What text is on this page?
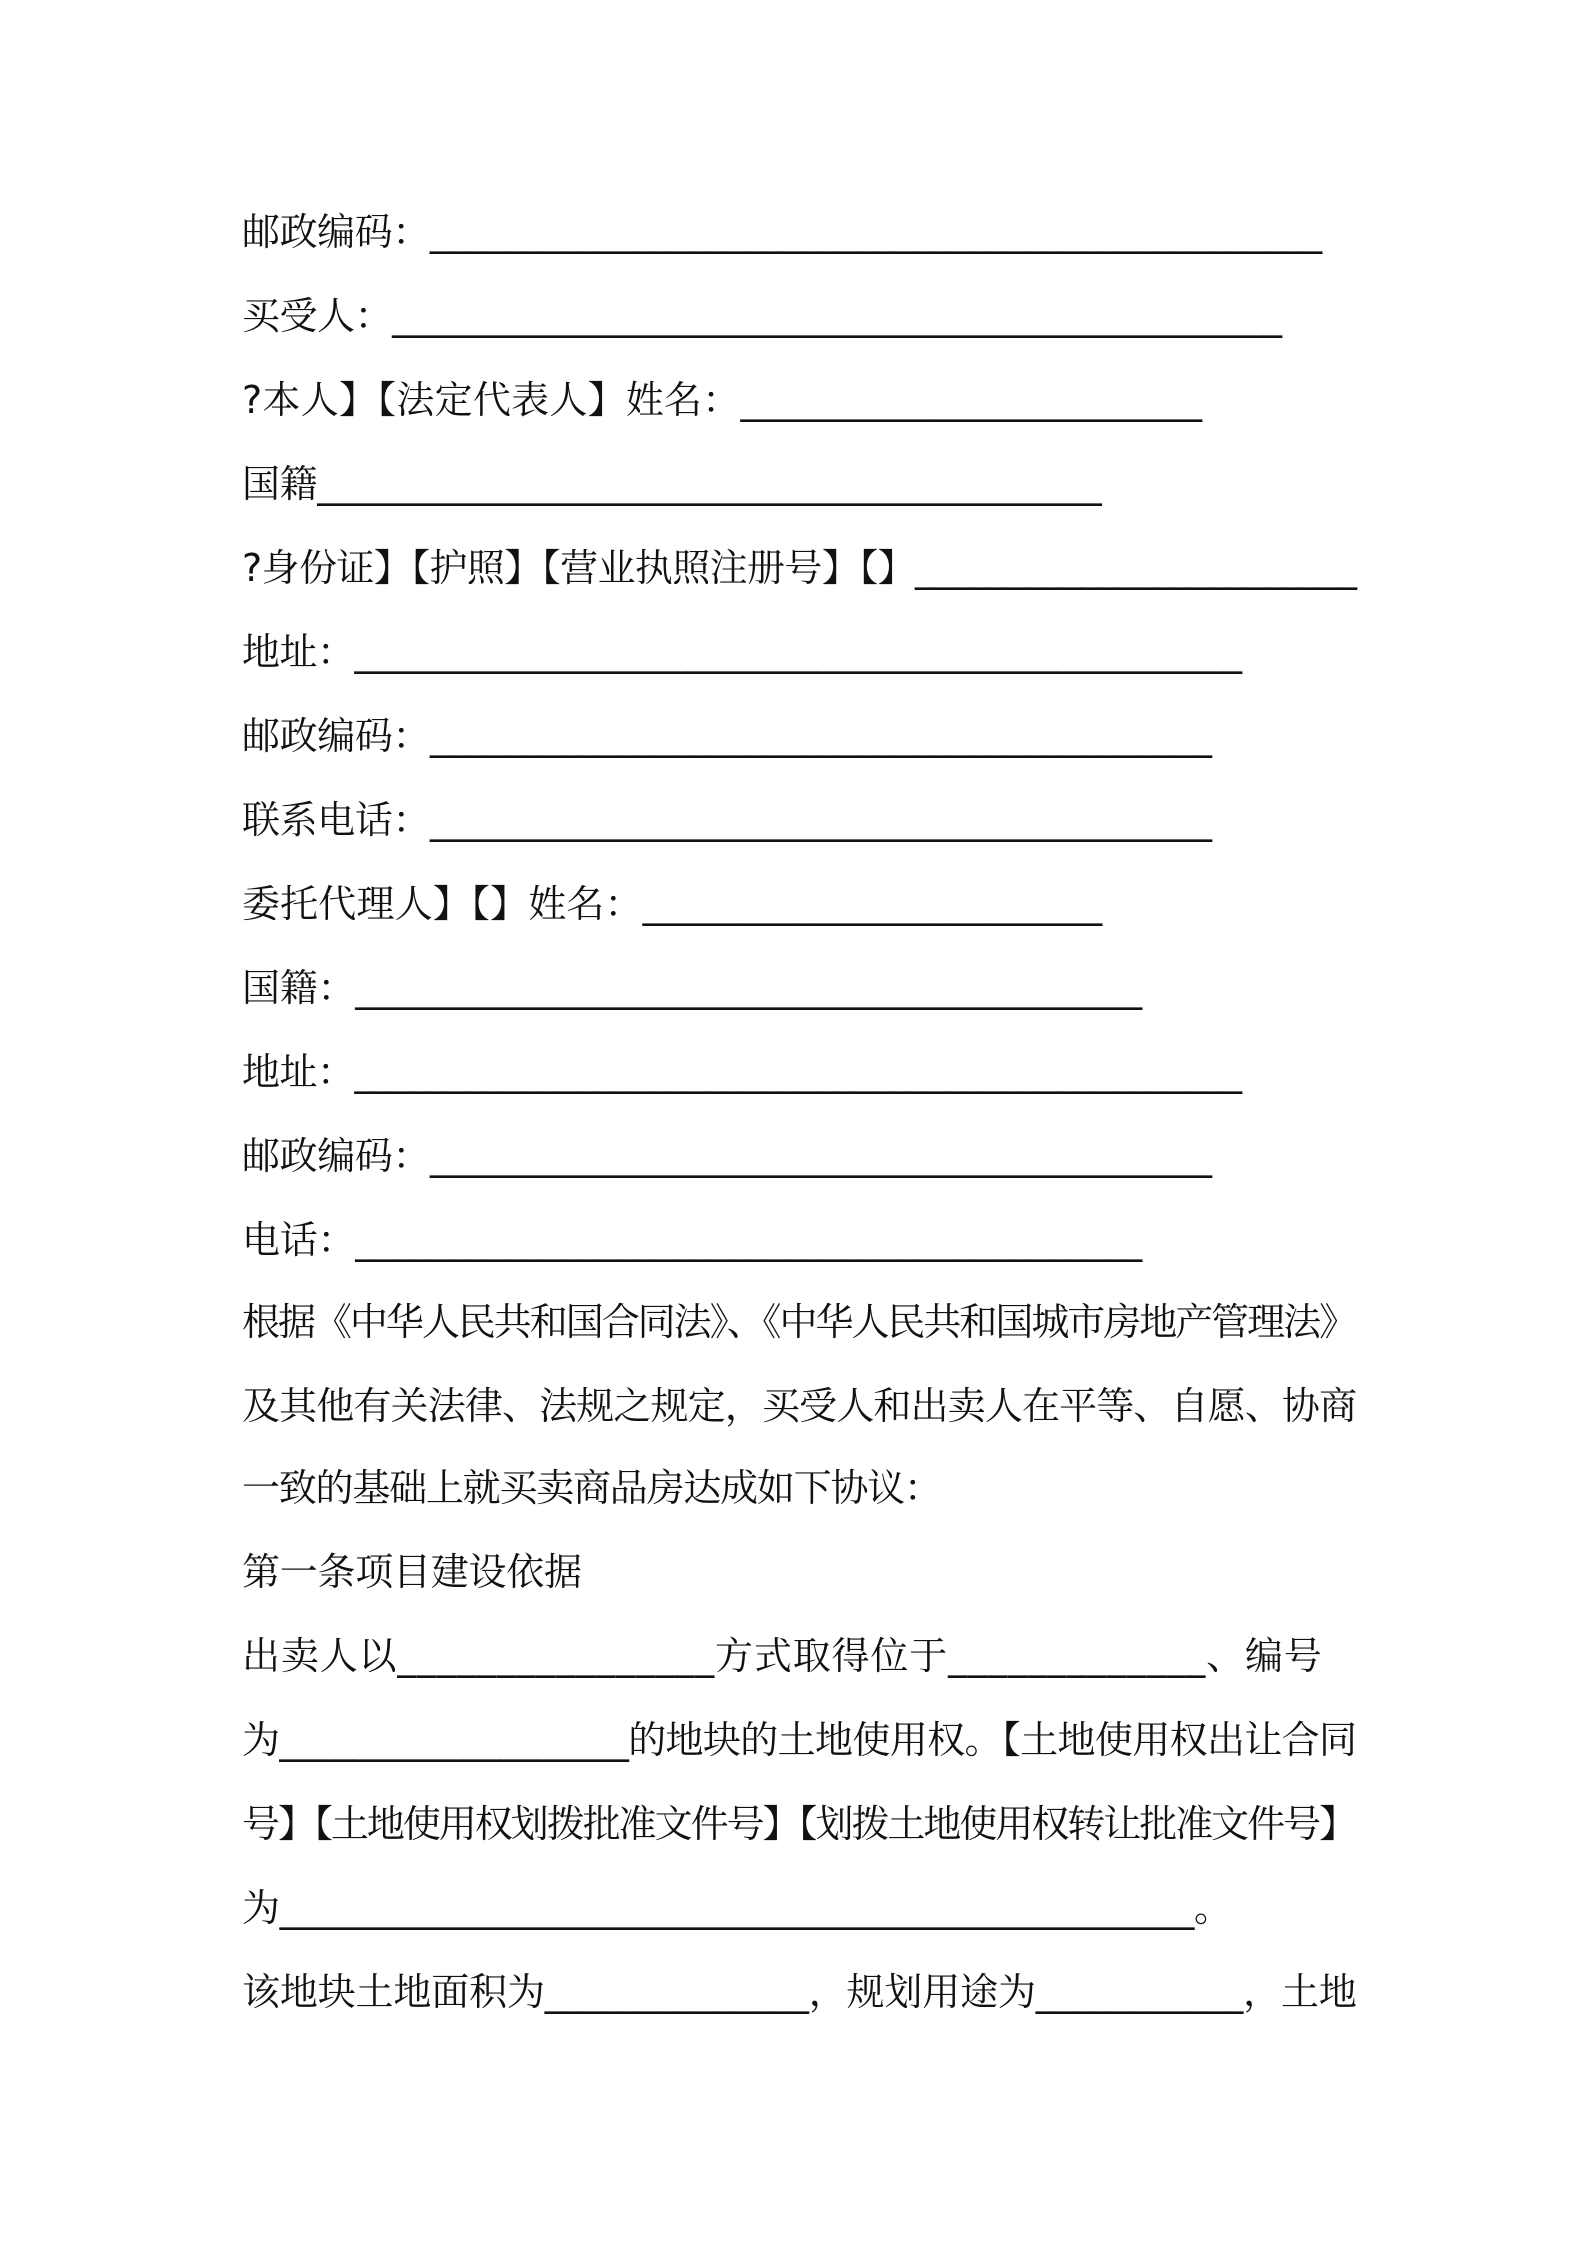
邮政编码：________________________________________________
买受人：________________________________________________
?本人】【法定代表人】姓名：________________________
国籍__________________________________________
?身份证】【护照】【营业执照注册号】【】________________________
地址：________________________________________________
邮政编码：__________________________________________
联系电话：__________________________________________
委托代理人】【】姓名：________________________
国籍：__________________________________________
地址：________________________________________________
邮政编码：__________________________________________
电话：__________________________________________
根据《中华人民共和国合同法》、《中华人民共和国城市房地产管理法》
及其他有关法律、法规之规定，买受人和出卖人在平等、自愿、协商
一致的基础上就买卖商品房达成如下协议：
第一条项目建设依据
出卖人以________________方式取得位于_____________、编号
为___________________的地块的土地使用权。【土地使用权出让合同
号】【土地使用权划拨批准文件号】【划拨土地使用权转让批准文件号】
为_________________________________________________。
该地块土地面积为______________，规划用途为___________，土地
